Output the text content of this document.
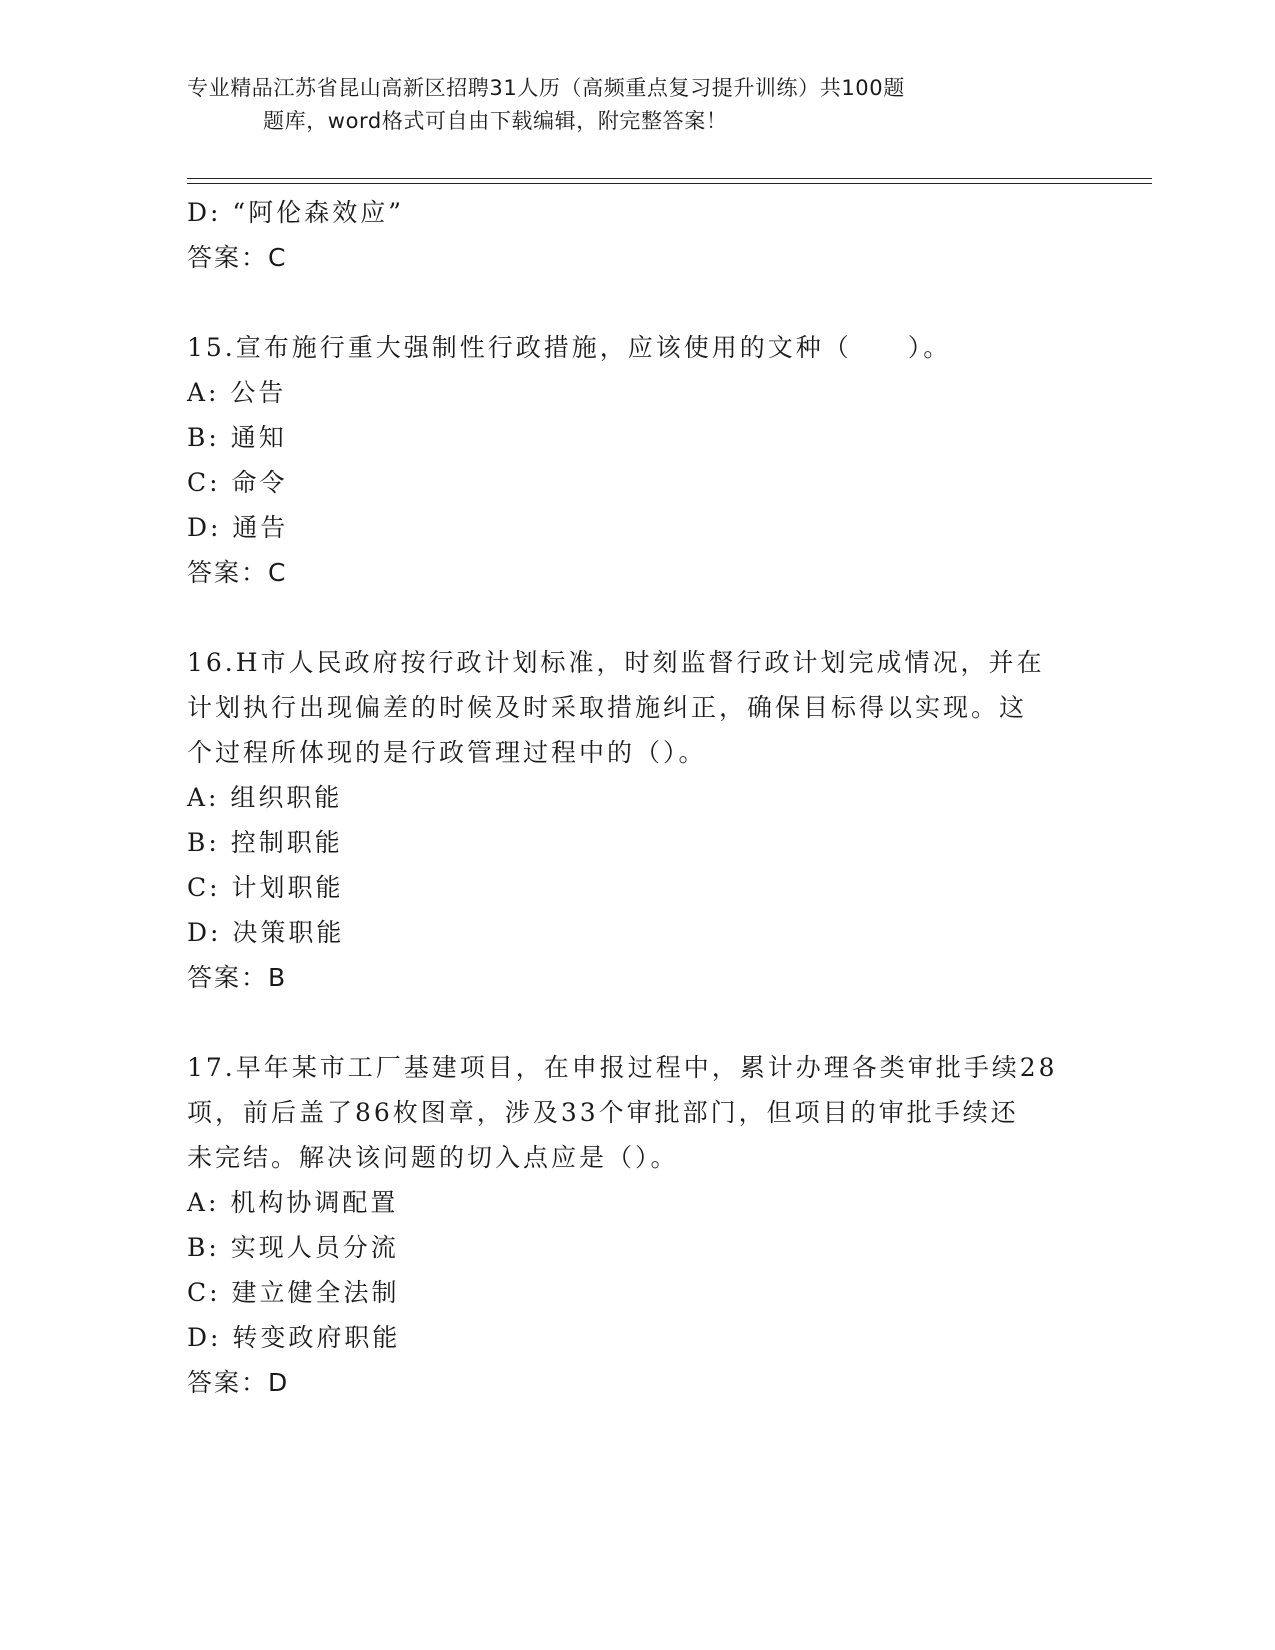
专业精品江苏省昆山高新区招聘31人历（高频重点复习提升训练）共100题
题库，word格式可自由下载编辑，附完整答案！
D: “阿伦森效应”
答案：C
15.宣布施行重大强制性行政措施，应该使用的文种（　　）。
A: 公告
B: 通知
C: 命令
D: 通告
答案：C
16.H市人民政府按行政计划标准，时刻监督行政计划完成情况，并在
计划执行出现偏差的时候及时采取措施纠正，确保目标得以实现。这
个过程所体现的是行政管理过程中的（）。
A: 组织职能
B: 控制职能
C: 计划职能
D: 决策职能
答案：B
17.早年某市工厂基建项目，在申报过程中，累计办理各类审批手续28
项，前后盖了86枚图章，涉及33个审批部门，但项目的审批手续还
未完结。解决该问题的切入点应是（）。
A: 机构协调配置
B: 实现人员分流
C: 建立健全法制
D: 转变政府职能
答案：D
